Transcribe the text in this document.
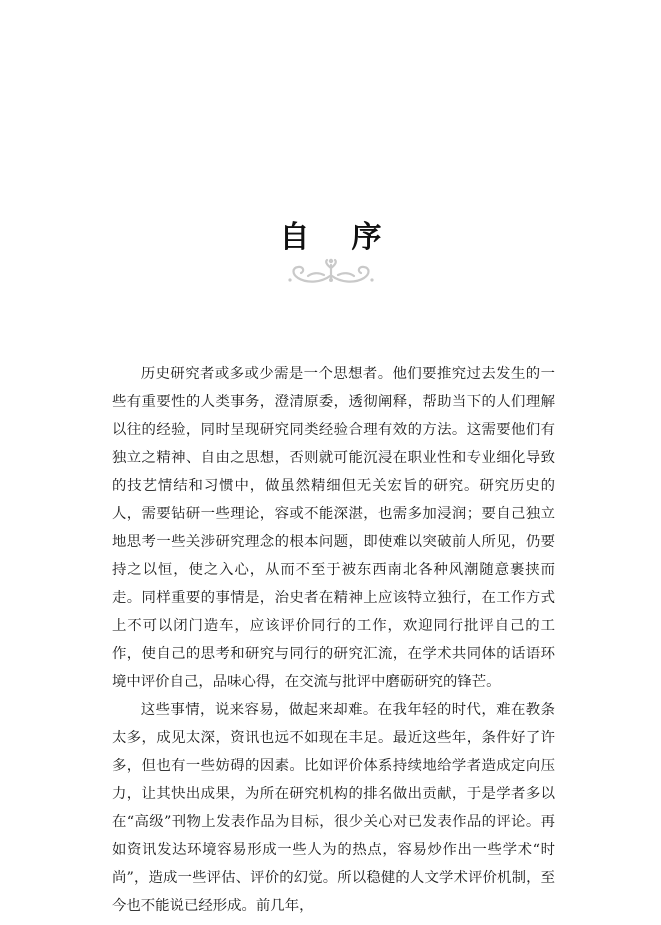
自 序

历史研究者或多或少需是一个思想者。他们要推究过去发生的一些有重要性的人类事务，澄清原委，透彻阐释，帮助当下的人们理解以往的经验，同时呈现研究同类经验合理有效的方法。这需要他们有独立之精神、自由之思想，否则就可能沉浸在职业性和专业细化导致的技艺情结和习惯中，做虽然精细但无关宏旨的研究。研究历史的人，需要钻研一些理论，容或不能深湛，也需多加浸润；要自己独立地思考一些关涉研究理念的根本问题，即使难以突破前人所见，仍要持之以恒，使之入心，从而不至于被东西南北各种风潮随意裹挟而走。同样重要的事情是，治史者在精神上应该特立独行，在工作方式上不可以闭门造车，应该评价同行的工作，欢迎同行批评自己的工作，使自己的思考和研究与同行的研究汇流，在学术共同体的话语环境中评价自己，品味心得，在交流与批评中磨砺研究的锋芒。

这些事情，说来容易，做起来却难。在我年轻的时代，难在教条太多，成见太深，资讯也远不如现在丰足。最近这些年，条件好了许多，但也有一些妨碍的因素。比如评价体系持续地给学者造成定向压力，让其快出成果，为所在研究机构的排名做出贡献，于是学者多以在“高级”刊物上发表作品为目标，很少关心对已发表作品的评论。再如资讯发达环境容易形成一些人为的热点，容易炒作出一些学术“时尚”，造成一些评估、评价的幻觉。所以稳健的人文学术评价机制，至今也不能说已经形成。前几年，
